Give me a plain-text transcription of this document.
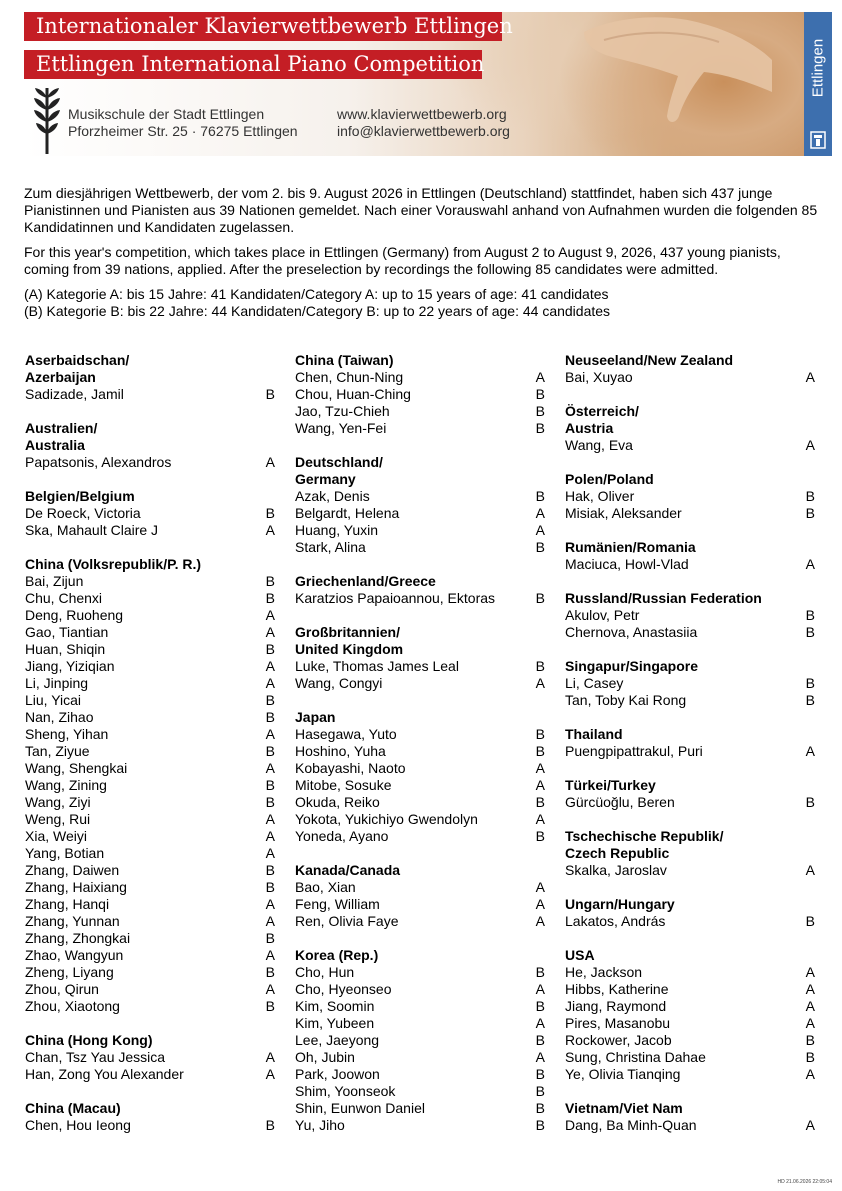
Internationaler Klavierwettbewerb Ettlingen
Ettlingen International Piano Competition
Musikschule der Stadt Ettlingen
Pforzheimer Str. 25 · 76275 Ettlingen
www.klavierwettbewerb.org
info@klavierwettbewerb.org
Ettlingen

Zum diesjährigen Wettbewerb, der vom 2. bis 9. August 2026 in Ettlingen (Deutschland) stattfindet, haben sich 437 junge Pianistinnen und Pianisten aus 39 Nationen gemeldet. Nach einer Vorauswahl anhand von Aufnahmen wurden die folgenden 85 Kandidatinnen und Kandidaten zugelassen.

For this year's competition, which takes place in Ettlingen (Germany) from August 2 to August 9, 2026, 437 young pianists, coming from 39 nations, applied. After the preselection by recordings the following 85 candidates were admitted.

(A) Kategorie A: bis 15 Jahre: 41 Kandidaten/Category A: up to 15 years of age: 41 candidates

(B) Kategorie B: bis 22 Jahre: 44 Kandidaten/Category B: up to 22 years of age: 44 candidates

Aserbaidschan/
Azerbaijan
Sadizade, Jamil	B
Australien/
Australia
Papatsonis, Alexandros	A
Belgien/Belgium
De Roeck, Victoria	B
Ska, Mahault Claire J	A
China (Volksrepublik/P. R.)
Bai, Zijun	B
Chu, Chenxi	B
Deng, Ruoheng	A
Gao, Tiantian	A
Huan, Shiqin	B
Jiang, Yiziqian	A
Li, Jinping	A
Liu, Yicai	B
Nan, Zihao	B
Sheng, Yihan	A
Tan, Ziyue	B
Wang, Shengkai	A
Wang, Zining	B
Wang, Ziyi	B
Weng, Rui	A
Xia, Weiyi	A
Yang, Botian	A
Zhang, Daiwen	B
Zhang, Haixiang	B
Zhang, Hanqi	A
Zhang, Yunnan	A
Zhang, Zhongkai	B
Zhao, Wangyun	A
Zheng, Liyang	B
Zhou, Qirun	A
Zhou, Xiaotong	B
China (Hong Kong)
Chan, Tsz Yau Jessica	A
Han, Zong You Alexander	A
China (Macau)
Chen, Hou Ieong	B
China (Taiwan)
Chen, Chun-Ning	A
Chou, Huan-Ching	B
Jao, Tzu-Chieh	B
Wang, Yen-Fei	B
Deutschland/
Germany
Azak, Denis	B
Belgardt, Helena	A
Huang, Yuxin	A
Stark, Alina	B
Griechenland/Greece
Karatzios Papaioannou, Ektoras	B
Großbritannien/
United Kingdom
Luke, Thomas James Leal	B
Wang, Congyi	A
Japan
Hasegawa, Yuto	B
Hoshino, Yuha	B
Kobayashi, Naoto	A
Mitobe, Sosuke	A
Okuda, Reiko	B
Yokota, Yukichiyo Gwendolyn	A
Yoneda, Ayano	B
Kanada/Canada
Bao, Xian	A
Feng, William	A
Ren, Olivia Faye	A
Korea (Rep.)
Cho, Hun	B
Cho, Hyeonseo	A
Kim, Soomin	B
Kim, Yubeen	A
Lee, Jaeyong	B
Oh, Jubin	A
Park, Joowon	B
Shim, Yoonseok	B
Shin, Eunwon Daniel	B
Yu, Jiho	B
Neuseeland/New Zealand
Bai, Xuyao	A
Österreich/
Austria
Wang, Eva	A
Polen/Poland
Hak, Oliver	B
Misiak, Aleksander	B
Rumänien/Romania
Maciuca, Howl-Vlad	A
Russland/Russian Federation
Akulov, Petr	B
Chernova, Anastasiia	B
Singapur/Singapore
Li, Casey	B
Tan, Toby Kai Rong	B
Thailand
Puengpipattrakul, Puri	A
Türkei/Turkey
Gürcüoğlu, Beren	B
Tschechische Republik/
Czech Republic
Skalka, Jaroslav	A
Ungarn/Hungary
Lakatos, András	B
USA
He, Jackson	A
Hibbs, Katherine	A
Jiang, Raymond	A
Pires, Masanobu	A
Rockower, Jacob	B
Sung, Christina Dahae	B
Ye, Olivia Tianqing	A
Vietnam/Viet Nam
Dang, Ba Minh-Quan	A
HD 21.06.2026 22:05:04
